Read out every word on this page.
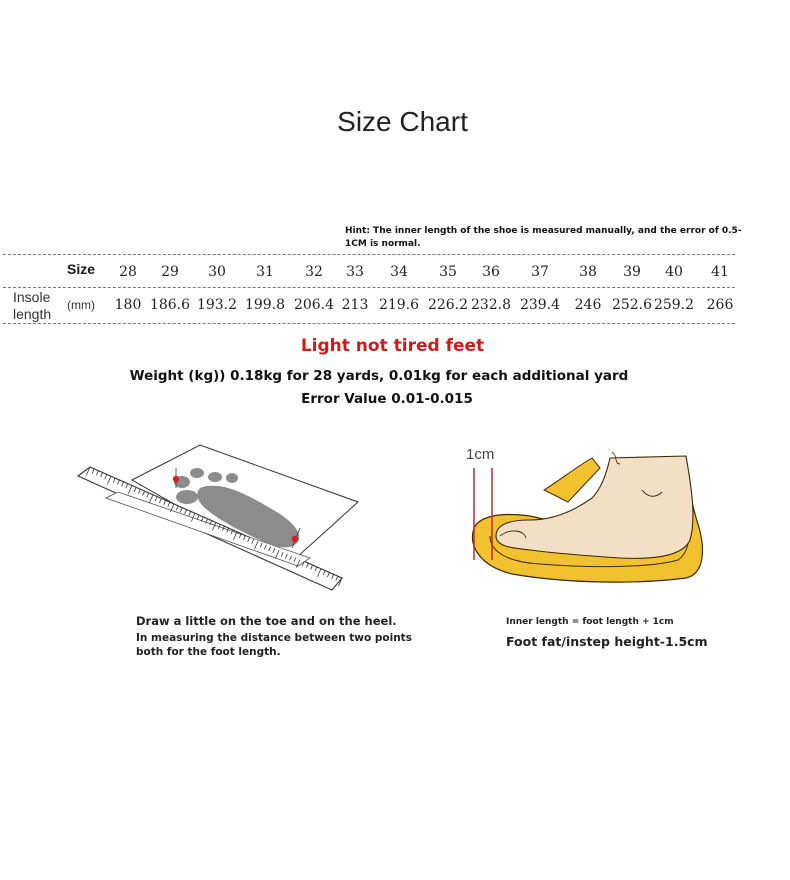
Size Chart
Hint: The inner length of the shoe is measured manually, and the error of 0.5-1CM is normal.
Size
Insole length
(mm)
28 29 30 31 32 33 34 35 36 37 38 39 40 41
180 186.6 193.2 199.8 206.4 213 219.6 226.2 232.8 239.4 246 252.6 259.2 266
Light not tired feet
Weight (kg)) 0.18kg for 28 yards, 0.01kg for each additional yard
Error Value 0.01-0.015
1cm
Draw a little on the toe and on the heel.
In measuring the distance between two points
both for the foot length.
Inner length = foot length + 1cm
Foot fat/instep height-1.5cm
